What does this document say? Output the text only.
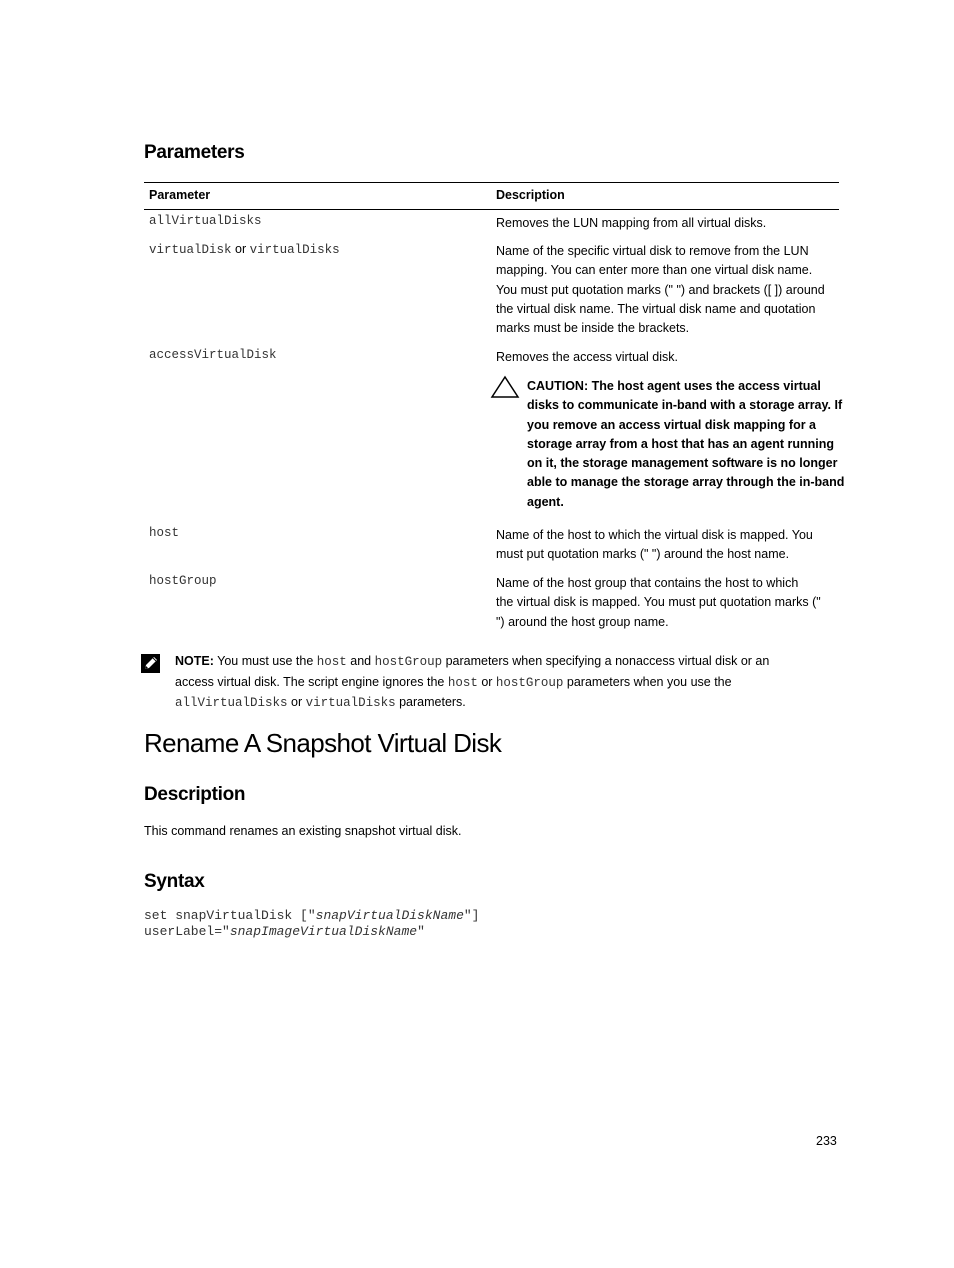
Parameters
Parameter	Description
allVirtualDisks	Removes the LUN mapping from all virtual disks.
virtualDisk or virtualDisks	Name of the specific virtual disk to remove from the LUN
mapping. You can enter more than one virtual disk name.
You must put quotation marks (" ") and brackets ([ ]) around
the virtual disk name. The virtual disk name and quotation
marks must be inside the brackets.
accessVirtualDisk	Removes the access virtual disk.
CAUTION: The host agent uses the access virtual
disks to communicate in-band with a storage array. If
you remove an access virtual disk mapping for a
storage array from a host that has an agent running
on it, the storage management software is no longer
able to manage the storage array through the in-band
agent.
host	Name of the host to which the virtual disk is mapped. You
must put quotation marks (" ") around the host name.
hostGroup	Name of the host group that contains the host to which
the virtual disk is mapped. You must put quotation marks ("
") around the host group name.
NOTE: You must use the host and hostGroup parameters when specifying a nonaccess virtual disk or an
access virtual disk. The script engine ignores the host or hostGroup parameters when you use the
allVirtualDisks or virtualDisks parameters.
Rename A Snapshot Virtual Disk
Description
This command renames an existing snapshot virtual disk.
Syntax
set snapVirtualDisk ["snapVirtualDiskName"]
userLabel="snapImageVirtualDiskName"
233
